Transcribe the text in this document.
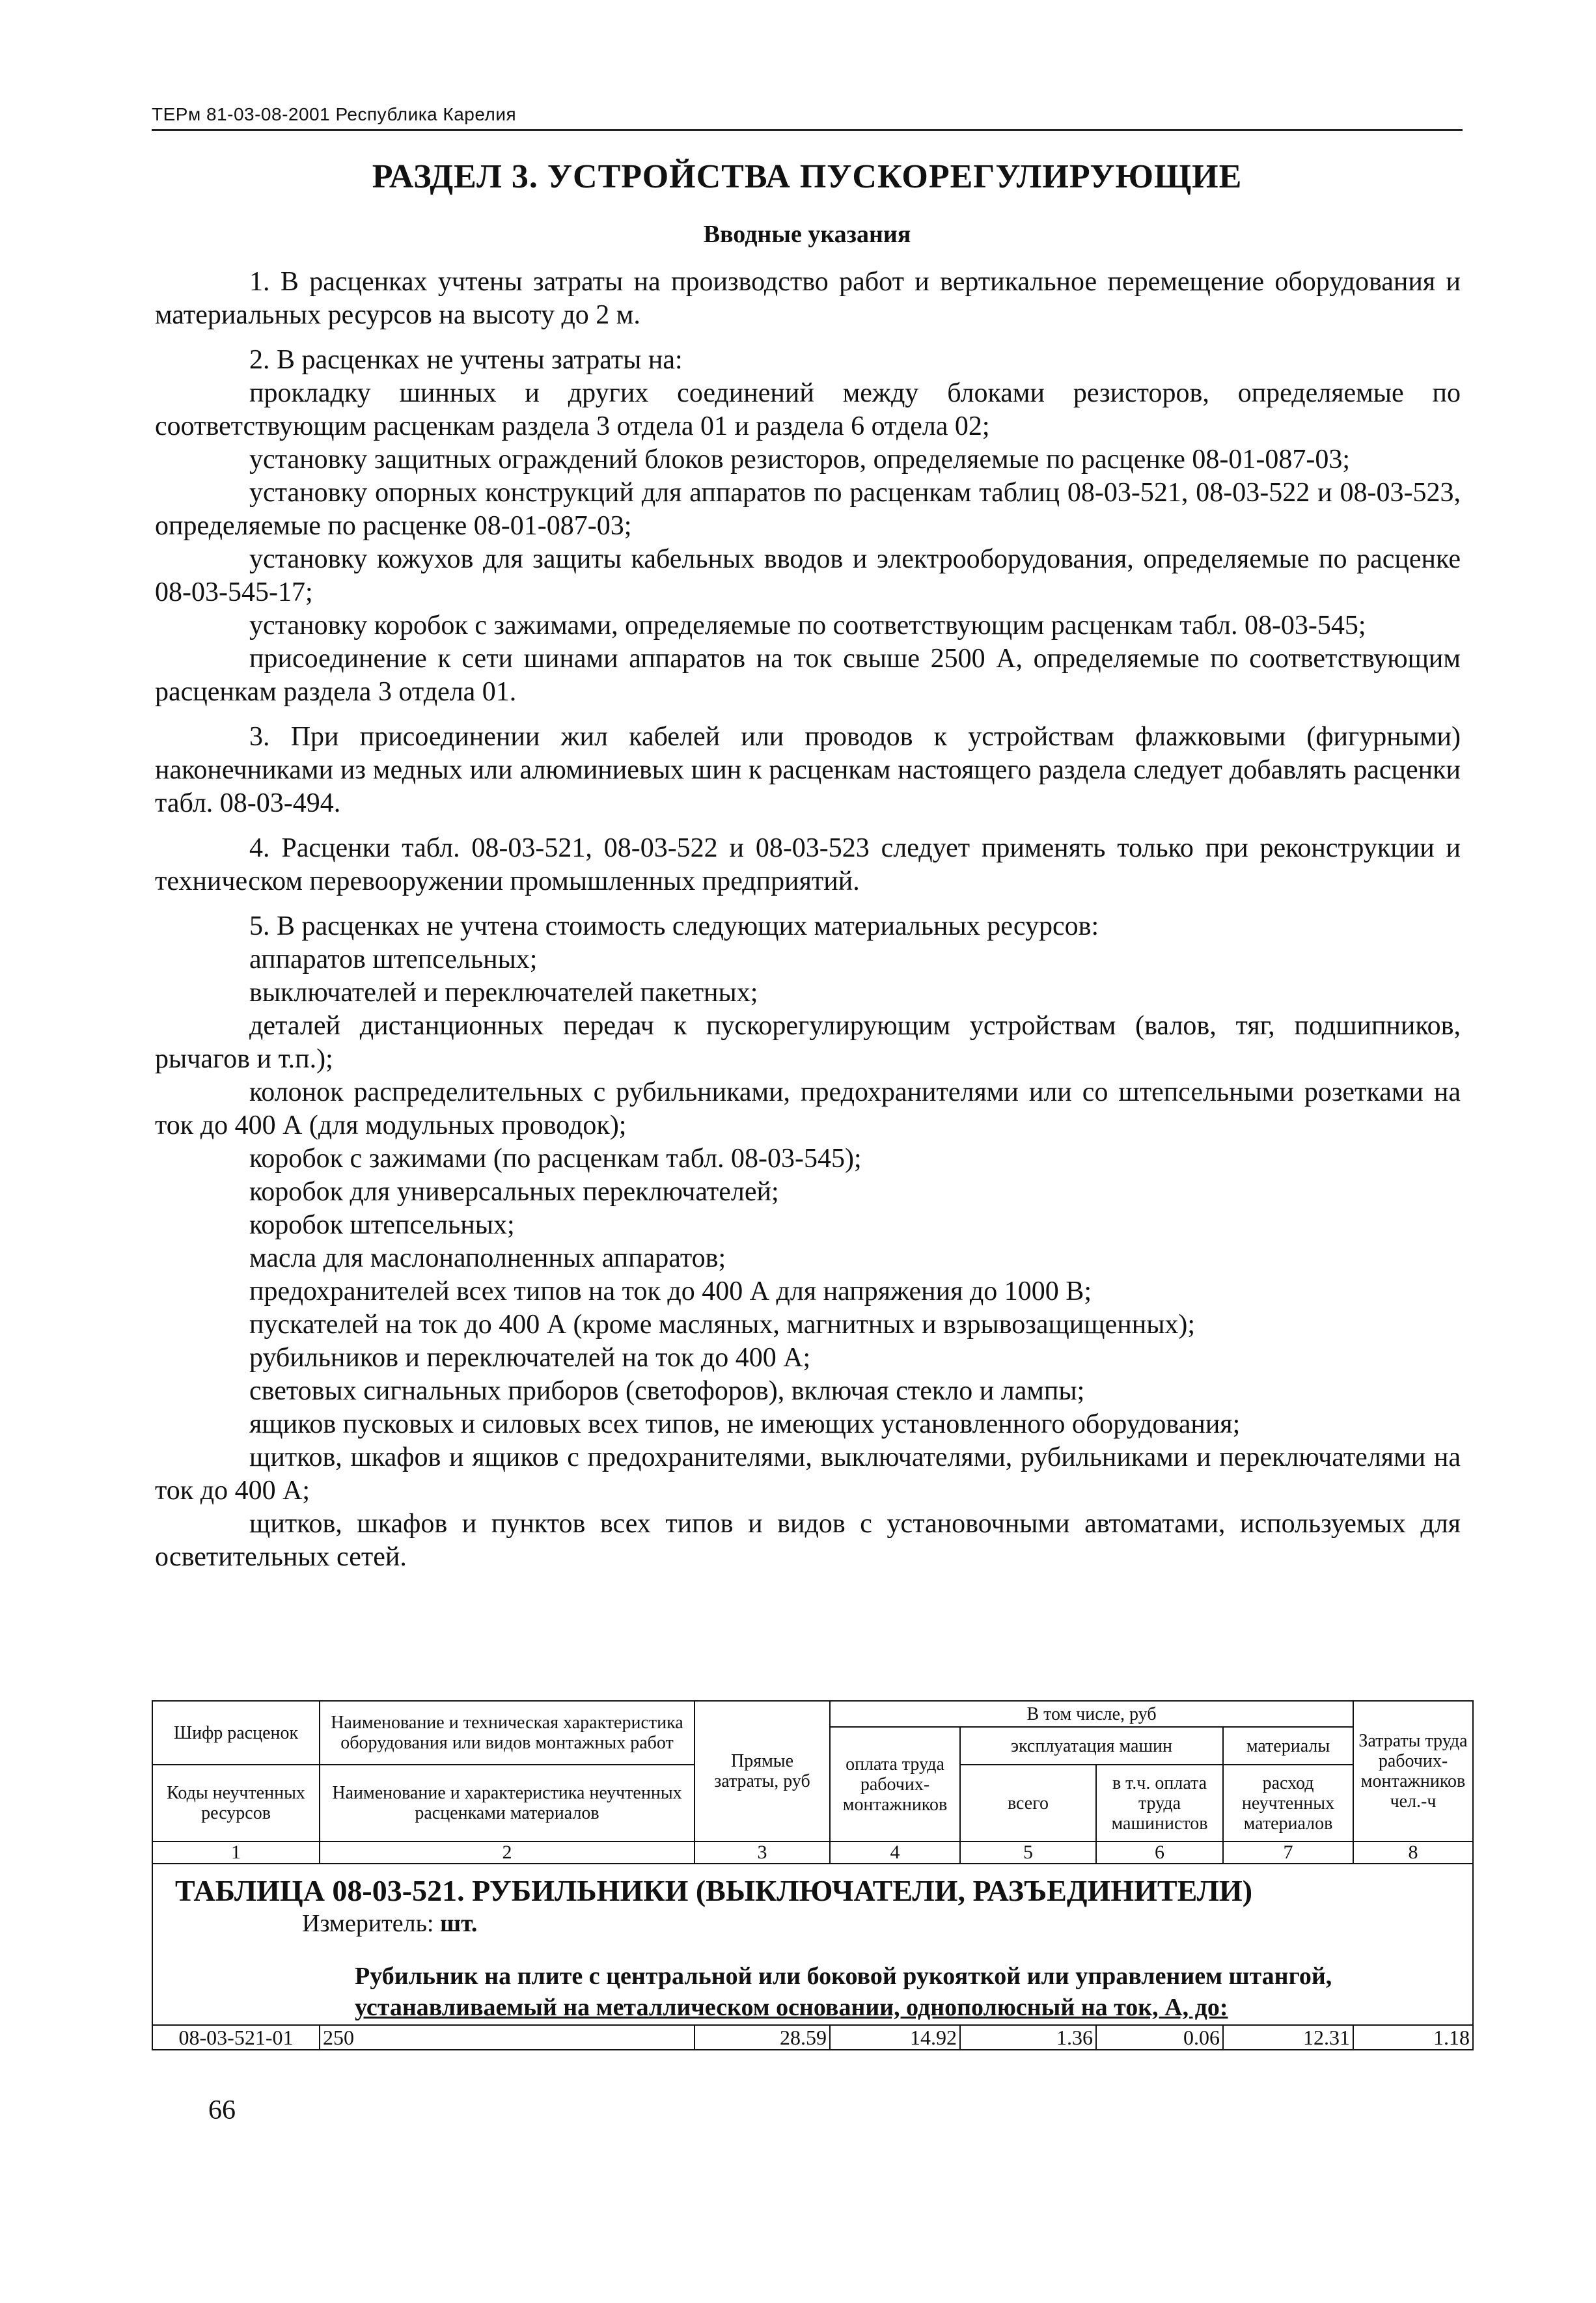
ТЕРм 81-03-08-2001 Республика Карелия
РАЗДЕЛ 3. УСТРОЙСТВА ПУСКОРЕГУЛИРУЮЩИЕ
Вводные указания

1. В расценках учтены затраты на производство работ и вертикальное перемещение оборудования и материальных ресурсов на высоту до 2 м.

2. В расценках не учтены затраты на:

прокладку шинных и других соединений между блоками резисторов, определяемые по соответствующим расценкам раздела 3 отдела 01 и раздела 6 отдела 02;

установку защитных ограждений блоков резисторов, определяемые по расценке 08-01-087-03;

установку опорных конструкций для аппаратов по расценкам таблиц 08-03-521, 08-03-522 и 08-03-523, определяемые по расценке 08-01-087-03;

установку кожухов для защиты кабельных вводов и электрооборудования, определяемые по расценке 08-03-545-17;

установку коробок с зажимами, определяемые по соответствующим расценкам табл. 08-03-545;

присоединение к сети шинами аппаратов на ток свыше 2500 А, определяемые по соответствующим расценкам раздела 3 отдела 01.

3. При присоединении жил кабелей или проводов к устройствам флажковыми (фигурными) наконечниками из медных или алюминиевых шин к расценкам настоящего раздела следует добавлять расценки табл. 08-03-494.

4. Расценки табл. 08-03-521, 08-03-522 и 08-03-523 следует применять только при реконструкции и техническом перевооружении промышленных предприятий.

5. В расценках не учтена стоимость следующих материальных ресурсов:

аппаратов штепсельных;

выключателей и переключателей пакетных;

деталей дистанционных передач к пускорегулирующим устройствам (валов, тяг, подшипников, рычагов и т.п.);

колонок распределительных с рубильниками, предохранителями или со штепсельными розетками на ток до 400 А (для модульных проводок);

коробок с зажимами (по расценкам табл. 08-03-545);

коробок для универсальных переключателей;

коробок штепсельных;

масла для маслонаполненных аппаратов;

предохранителей всех типов на ток до 400 А для напряжения до 1000 В;

пускателей на ток до 400 А (кроме масляных, магнитных и взрывозащищенных);

рубильников и переключателей на ток до 400 А;

световых сигнальных приборов (светофоров), включая стекло и лампы;

ящиков пусковых и силовых всех типов, не имеющих установленного оборудования;

щитков, шкафов и ящиков с предохранителями, выключателями, рубильниками и переключателями на ток до 400 А;

щитков, шкафов и пунктов всех типов и видов с установочными автоматами, используемых для осветительных сетей.

Шифр расценок	Наименование и техническая характеристика оборудования или видов монтажных работ	Прямые затраты, руб	В том числе, руб				Затраты труда рабочих-монтажников чел.-ч
			оплата труда рабочих-монтажников	эксплуатация машин		материалы	
Коды неучтенных ресурсов	Наименование и характеристика неучтенных расценками материалов			всего	в т.ч. оплата труда машинистов	расход неучтенных материалов	

1	2	3	4	5	6	7	8

ТАБЛИЦА 08-03-521. РУБИЛЬНИКИ (ВЫКЛЮЧАТЕЛИ, РАЗЪЕДИНИТЕЛИ)
Измеритель: шт.							

Рубильник на плите с центральной или боковой рукояткой или управлением штангой,
устанавливаемый на металлическом основании, однополюсный на ток, А, до:							

08-03-521-01	250	28.59	14.92	1.36	0.06	12.31	1.18
66
